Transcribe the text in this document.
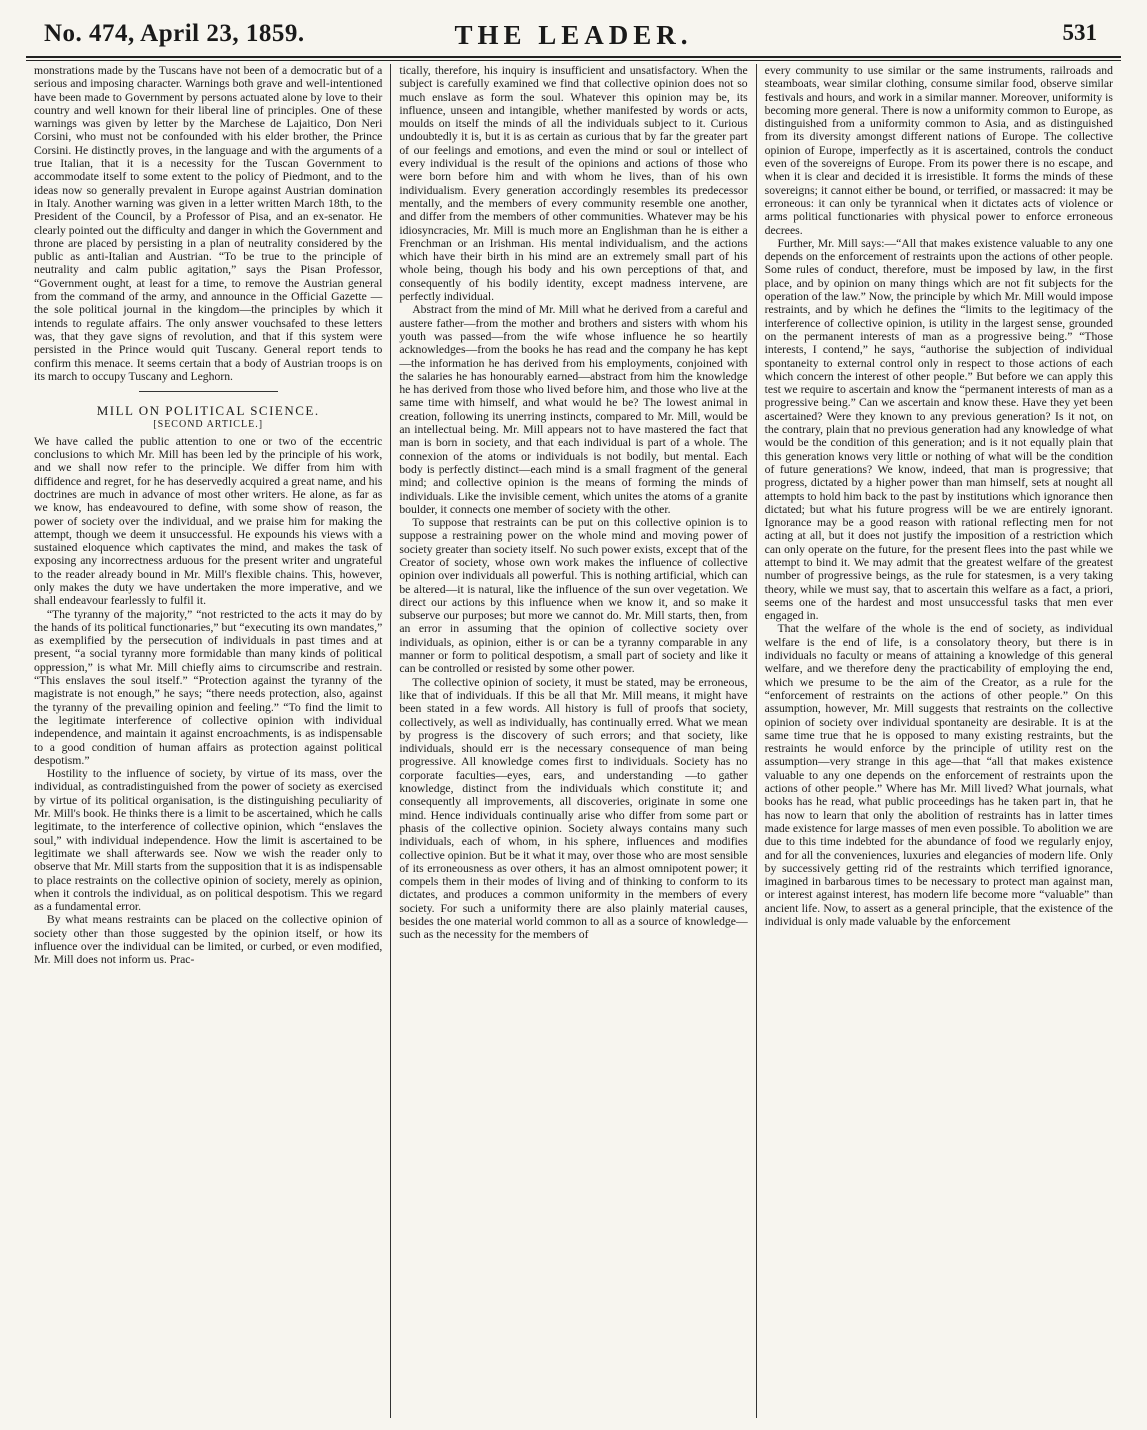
No. 474, April 23, 1859.	THE LEADER.	531

monstrations made by the Tuscans have not been of a democratic but of a serious and imposing character. Warnings both grave and well-intentioned have been made to Government by persons actuated alone by love to their country and well known for their liberal line of principles. One of these warnings was given by letter by the Marchese de Lajaitico, Don Neri Corsini, who must not be confounded with his elder brother, the Prince Corsini. He distinctly proves, in the language and with the arguments of a true Italian, that it is a necessity for the Tuscan Government to accommodate itself to some extent to the policy of Piedmont, and to the ideas now so generally prevalent in Europe against Austrian domination in Italy. Another warning was given in a letter written March 18th, to the President of the Council, by a Professor of Pisa, and an ex-senator. He clearly pointed out the difficulty and danger in which the Government and throne are placed by persisting in a plan of neutrality considered by the public as anti-Italian and Austrian. “To be true to the principle of neutrality and calm public agitation,” says the Pisan Professor, “Government ought, at least for a time, to remove the Austrian general from the command of the army, and announce in the Official Gazette —the sole political journal in the kingdom—the principles by which it intends to regulate affairs. The only answer vouchsafed to these letters was, that they gave signs of revolution, and that if this system were persisted in the Prince would quit Tuscany. General report tends to confirm this menace. It seems certain that a body of Austrian troops is on its march to occupy Tuscany and Leghorn.

MILL ON POLITICAL SCIENCE.
[SECOND ARTICLE.]

We have called the public attention to one or two of the eccentric conclusions to which Mr. Mill has been led by the principle of his work, and we shall now refer to the principle. We differ from him with diffidence and regret, for he has deservedly acquired a great name, and his doctrines are much in advance of most other writers. He alone, as far as we know, has endeavoured to define, with some show of reason, the power of society over the individual, and we praise him for making the attempt, though we deem it unsuccessful. He expounds his views with a sustained eloquence which captivates the mind, and makes the task of exposing any incorrectness arduous for the present writer and ungrateful to the reader already bound in Mr. Mill's flexible chains. This, however, only makes the duty we have undertaken the more imperative, and we shall endeavour fearlessly to fulfil it.

“The tyranny of the majority,” “not restricted to the acts it may do by the hands of its political functionaries,” but “executing its own mandates,” as exemplified by the persecution of individuals in past times and at present, “a social tyranny more formidable than many kinds of political oppression,” is what Mr. Mill chiefly aims to circumscribe and restrain. “This enslaves the soul itself.” “Protection against the tyranny of the magistrate is not enough,” he says; “there needs protection, also, against the tyranny of the prevailing opinion and feeling.” “To find the limit to the legitimate interference of collective opinion with individual independence, and maintain it against encroachments, is as indispensable to a good condition of human affairs as protection against political despotism.”

Hostility to the influence of society, by virtue of its mass, over the individual, as contradistinguished from the power of society as exercised by virtue of its political organisation, is the distinguishing peculiarity of Mr. Mill's book. He thinks there is a limit to be ascertained, which he calls legitimate, to the interference of collective opinion, which “enslaves the soul,” with individual independence. How the limit is ascertained to be legitimate we shall afterwards see. Now we wish the reader only to observe that Mr. Mill starts from the supposition that it is as indispensable to place restraints on the collective opinion of society, merely as opinion, when it controls the individual, as on political despotism. This we regard as a fundamental error.

By what means restraints can be placed on the collective opinion of society other than those suggested by the opinion itself, or how its influence over the individual can be limited, or curbed, or even modified, Mr. Mill does not inform us. Prac-

tically, therefore, his inquiry is insufficient and unsatisfactory. When the subject is carefully examined we find that collective opinion does not so much enslave as form the soul. Whatever this opinion may be, its influence, unseen and intangible, whether manifested by words or acts, moulds on itself the minds of all the individuals subject to it. Curious undoubtedly it is, but it is as certain as curious that by far the greater part of our feelings and emotions, and even the mind or soul or intellect of every individual is the result of the opinions and actions of those who were born before him and with whom he lives, than of his own individualism. Every generation accordingly resembles its predecessor mentally, and the members of every community resemble one another, and differ from the members of other communities. Whatever may be his idiosyncracies, Mr. Mill is much more an Englishman than he is either a Frenchman or an Irishman. His mental individualism, and the actions which have their birth in his mind are an extremely small part of his whole being, though his body and his own perceptions of that, and consequently of his bodily identity, except madness intervene, are perfectly individual.

Abstract from the mind of Mr. Mill what he derived from a careful and austere father—from the mother and brothers and sisters with whom his youth was passed—from the wife whose influence he so heartily acknowledges—from the books he has read and the company he has kept—the information he has derived from his employments, conjoined with the salaries he has honourably earned—abstract from him the knowledge he has derived from those who lived before him, and those who live at the same time with himself, and what would he be? The lowest animal in creation, following its unerring instincts, compared to Mr. Mill, would be an intellectual being. Mr. Mill appears not to have mastered the fact that man is born in society, and that each individual is part of a whole. The connexion of the atoms or individuals is not bodily, but mental. Each body is perfectly distinct—each mind is a small fragment of the general mind; and collective opinion is the means of forming the minds of individuals. Like the invisible cement, which unites the atoms of a granite boulder, it connects one member of society with the other.

To suppose that restraints can be put on this collective opinion is to suppose a restraining power on the whole mind and moving power of society greater than society itself. No such power exists, except that of the Creator of society, whose own work makes the influence of collective opinion over individuals all powerful. This is nothing artificial, which can be altered—it is natural, like the influence of the sun over vegetation. We direct our actions by this influence when we know it, and so make it subserve our purposes; but more we cannot do. Mr. Mill starts, then, from an error in assuming that the opinion of collective society over individuals, as opinion, either is or can be a tyranny comparable in any manner or form to political despotism, a small part of society and like it can be controlled or resisted by some other power.

The collective opinion of society, it must be stated, may be erroneous, like that of individuals. If this be all that Mr. Mill means, it might have been stated in a few words. All history is full of proofs that society, collectively, as well as individually, has continually erred. What we mean by progress is the discovery of such errors; and that society, like individuals, should err is the necessary consequence of man being progressive. All knowledge comes first to individuals. Society has no corporate faculties—eyes, ears, and understanding —to gather knowledge, distinct from the individuals which constitute it; and consequently all improvements, all discoveries, originate in some one mind. Hence individuals continually arise who differ from some part or phasis of the collective opinion. Society always contains many such individuals, each of whom, in his sphere, influences and modifies collective opinion. But be it what it may, over those who are most sensible of its erroneousness as over others, it has an almost omnipotent power; it compels them in their modes of living and of thinking to conform to its dictates, and produces a common uniformity in the members of every society. For such a uniformity there are also plainly material causes, besides the one material world common to all as a source of knowledge—such as the necessity for the members of

every community to use similar or the same instruments, railroads and steamboats, wear similar clothing, consume similar food, observe similar festivals and hours, and work in a similar manner. Moreover, uniformity is becoming more general. There is now a uniformity common to Europe, as distinguished from a uniformity common to Asia, and as distinguished from its diversity amongst different nations of Europe. The collective opinion of Europe, imperfectly as it is ascertained, controls the conduct even of the sovereigns of Europe. From its power there is no escape, and when it is clear and decided it is irresistible. It forms the minds of these sovereigns; it cannot either be bound, or terrified, or massacred: it may be erroneous: it can only be tyrannical when it dictates acts of violence or arms political functionaries with physical power to enforce erroneous decrees.

Further, Mr. Mill says:—“All that makes existence valuable to any one depends on the enforcement of restraints upon the actions of other people. Some rules of conduct, therefore, must be imposed by law, in the first place, and by opinion on many things which are not fit subjects for the operation of the law.” Now, the principle by which Mr. Mill would impose restraints, and by which he defines the “limits to the legitimacy of the interference of collective opinion, is utility in the largest sense, grounded on the permanent interests of man as a progressive being.” “Those interests, I contend,” he says, “authorise the subjection of individual spontaneity to external control only in respect to those actions of each which concern the interest of other people.” But before we can apply this test we require to ascertain and know the “permanent interests of man as a progressive being.” Can we ascertain and know these. Have they yet been ascertained? Were they known to any previous generation? Is it not, on the contrary, plain that no previous generation had any knowledge of what would be the condition of this generation; and is it not equally plain that this generation knows very little or nothing of what will be the condition of future generations? We know, indeed, that man is progressive; that progress, dictated by a higher power than man himself, sets at nought all attempts to hold him back to the past by institutions which ignorance then dictated; but what his future progress will be we are entirely ignorant. Ignorance may be a good reason with rational reflecting men for not acting at all, but it does not justify the imposition of a restriction which can only operate on the future, for the present flees into the past while we attempt to bind it. We may admit that the greatest welfare of the greatest number of progressive beings, as the rule for statesmen, is a very taking theory, while we must say, that to ascertain this welfare as a fact, a priori, seems one of the hardest and most unsuccessful tasks that men ever engaged in.

That the welfare of the whole is the end of society, as individual welfare is the end of life, is a consolatory theory, but there is in individuals no faculty or means of attaining a knowledge of this general welfare, and we therefore deny the practicability of employing the end, which we presume to be the aim of the Creator, as a rule for the “enforcement of restraints on the actions of other people.” On this assumption, however, Mr. Mill suggests that restraints on the collective opinion of society over individual spontaneity are desirable. It is at the same time true that he is opposed to many existing restraints, but the restraints he would enforce by the principle of utility rest on the assumption—very strange in this age—that “all that makes existence valuable to any one depends on the enforcement of restraints upon the actions of other people.” Where has Mr. Mill lived? What journals, what books has he read, what public proceedings has he taken part in, that he has now to learn that only the abolition of restraints has in latter times made existence for large masses of men even possible. To abolition we are due to this time indebted for the abundance of food we regularly enjoy, and for all the conveniences, luxuries and elegancies of modern life. Only by successively getting rid of the restraints which terrified ignorance, imagined in barbarous times to be necessary to protect man against man, or interest against interest, has modern life become more “valuable” than ancient life. Now, to assert as a general principle, that the existence of the individual is only made valuable by the enforcement
